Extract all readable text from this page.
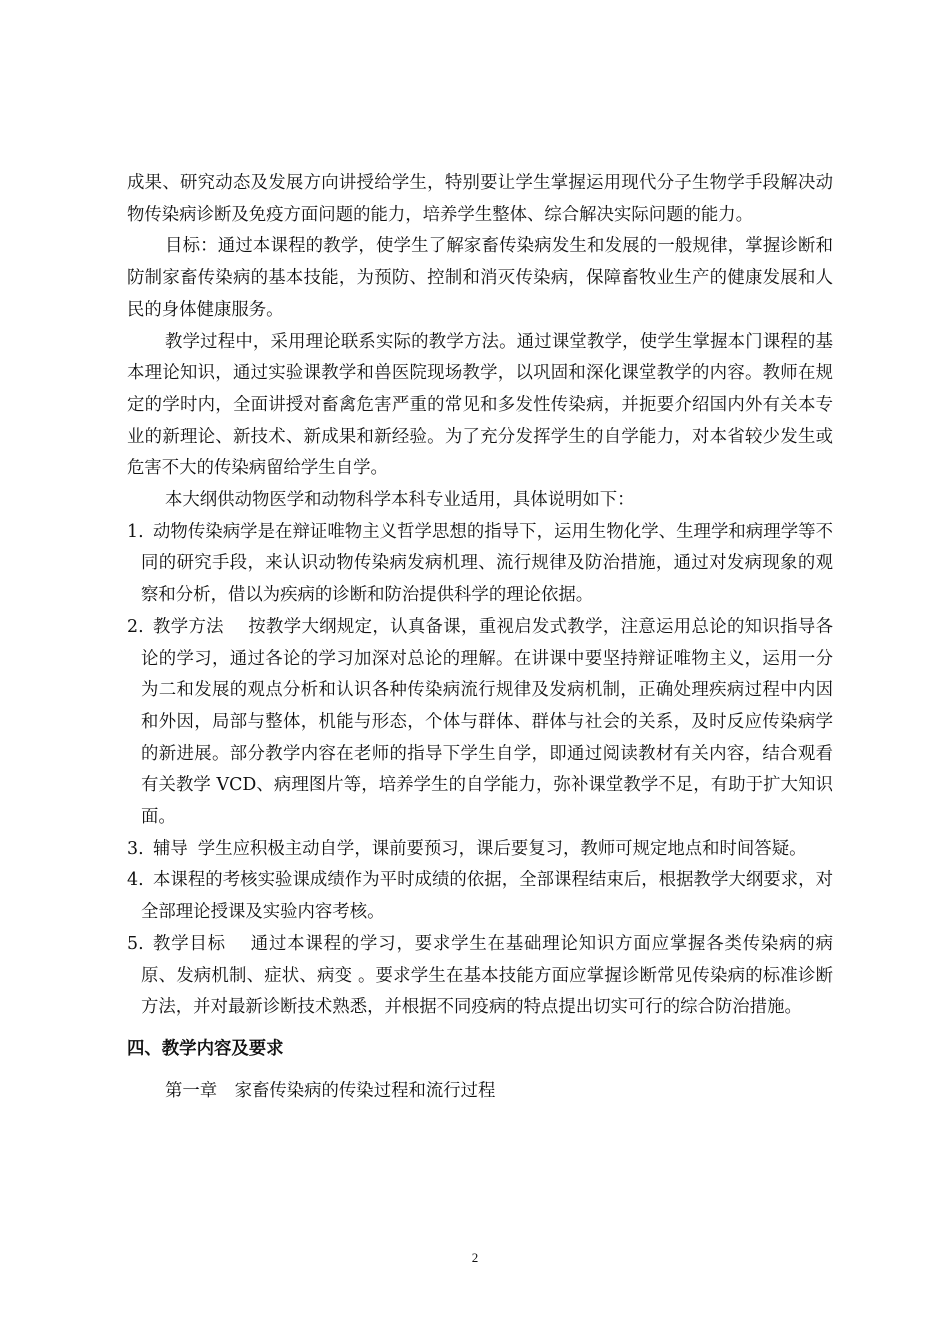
成果、研究动态及发展方向讲授给学生，特别要让学生掌握运用现代分子生物学手段解决动物传染病诊断及免疫方面问题的能力，培养学生整体、综合解决实际问题的能力。

目标：通过本课程的教学，使学生了解家畜传染病发生和发展的一般规律，掌握诊断和防制家畜传染病的基本技能，为预防、控制和消灭传染病，保障畜牧业生产的健康发展和人民的身体健康服务。

教学过程中，采用理论联系实际的教学方法。通过课堂教学，使学生掌握本门课程的基本理论知识，通过实验课教学和兽医院现场教学，以巩固和深化课堂教学的内容。教师在规定的学时内，全面讲授对畜禽危害严重的常见和多发性传染病，并扼要介绍国内外有关本专业的新理论、新技术、新成果和新经验。为了充分发挥学生的自学能力，对本省较少发生或危害不大的传染病留给学生自学。

本大纲供动物医学和动物科学本科专业适用，具体说明如下：

1. 动物传染病学是在辩证唯物主义哲学思想的指导下，运用生物化学、生理学和病理学等不同的研究手段，来认识动物传染病发病机理、流行规律及防治措施，通过对发病现象的观察和分析，借以为疾病的诊断和防治提供科学的理论依据。
2. 教学方法 按教学大纲规定，认真备课，重视启发式教学，注意运用总论的知识指导各论的学习，通过各论的学习加深对总论的理解。在讲课中要坚持辩证唯物主义，运用一分为二和发展的观点分析和认识各种传染病流行规律及发病机制，正确处理疾病过程中内因和外因，局部与整体，机能与形态，个体与群体、群体与社会的关系，及时反应传染病学的新进展。部分教学内容在老师的指导下学生自学，即通过阅读教材有关内容，结合观看有关教学 VCD、病理图片等，培养学生的自学能力，弥补课堂教学不足，有助于扩大知识面。
3. 辅导 学生应积极主动自学，课前要预习，课后要复习，教师可规定地点和时间答疑。
4. 本课程的考核实验课成绩作为平时成绩的依据，全部课程结束后，根据教学大纲要求，对全部理论授课及实验内容考核。
5. 教学目标 通过本课程的学习，要求学生在基础理论知识方面应掌握各类传染病的病原、发病机制、症状、病变 。要求学生在基本技能方面应掌握诊断常见传染病的标准诊断方法，并对最新诊断技术熟悉，并根据不同疫病的特点提出切实可行的综合防治措施。
四、教学内容及要求

第一章　家畜传染病的传染过程和流行过程

2
